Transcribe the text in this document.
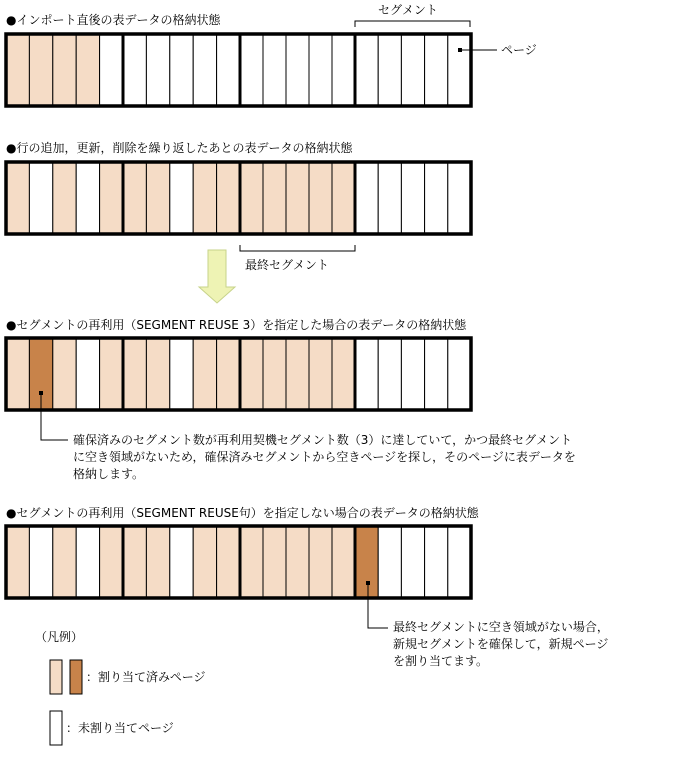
●インポート直後の表データの格納状態
●行の追加，更新，削除を繰り返したあとの表データの格納状態
●セグメントの再利用（SEGMENT REUSE 3）を指定した場合の表データの格納状態
●セグメントの再利用（SEGMENT REUSE句）を指定しない場合の表データの格納状態
セグメント
ページ
最終セグメント
確保済みのセグメント数が再利用契機セグメント数（3）に達していて，かつ最終セグメント
に空き領域がないため，確保済みセグメントから空きページを探し，そのページに表データを
格納します。
最終セグメントに空き領域がない場合，
新規セグメントを確保して，新規ページ
を割り当てます。
（凡例）
：割り当て済みページ
：未割り当てページ
